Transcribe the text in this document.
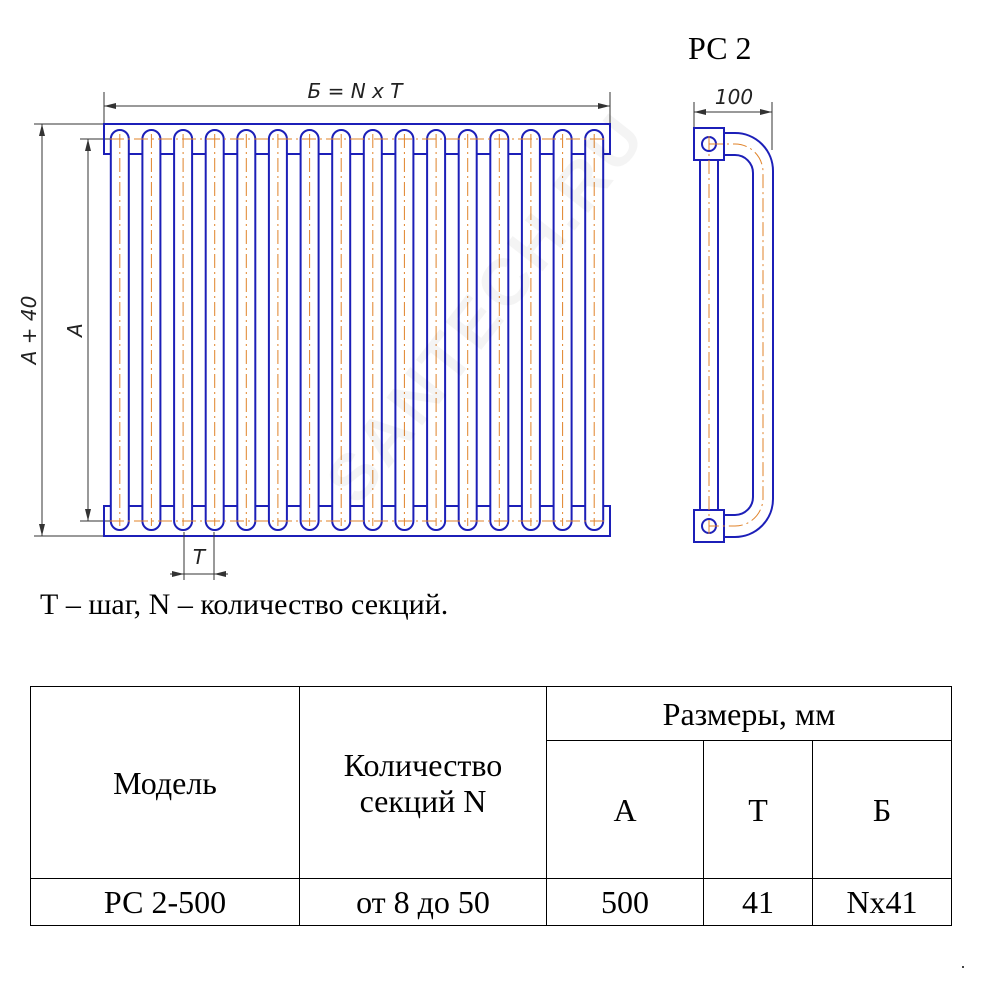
Б = N x T
A + 40 A
T
100
РС 2
Т – шаг, N – количество секций.
Модель	Количество секций N	Размеры, мм		
		А	Т	Б
РС 2-500	от 8 до 50	500	41	Nx41
